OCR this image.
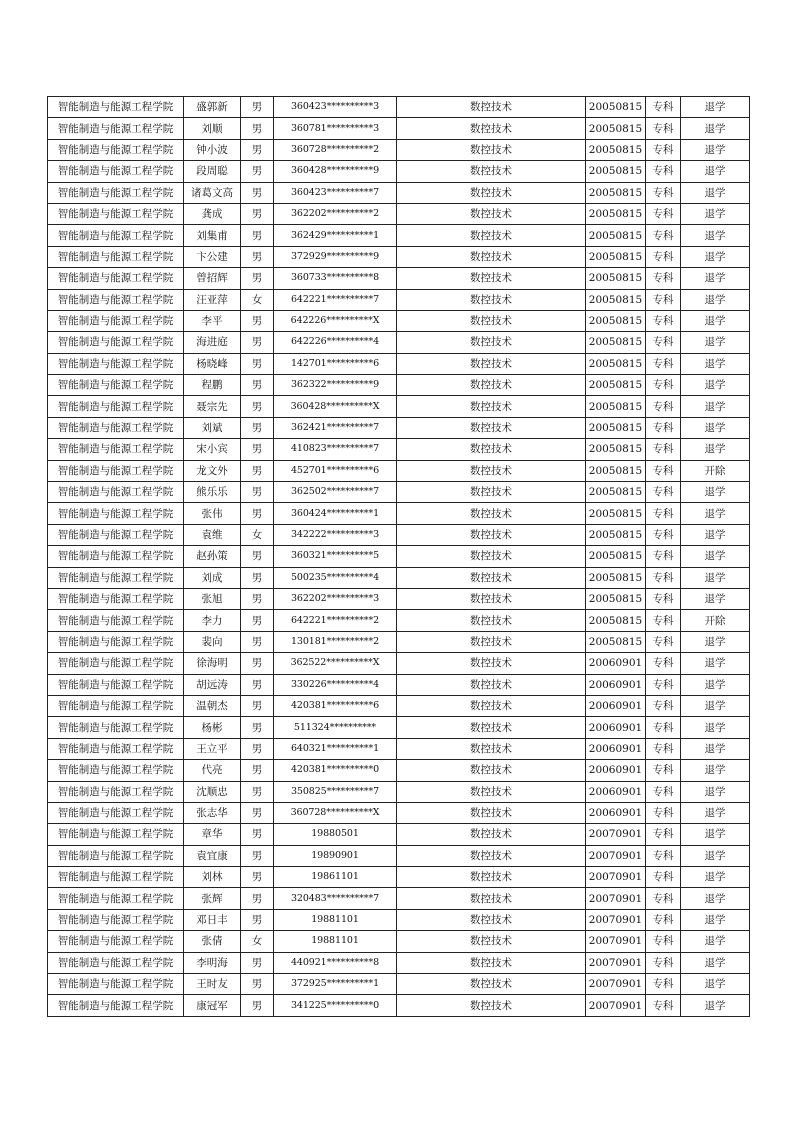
智能制造与能源工程学院	盛郭新	男	360423**********3	数控技术	20050815	专科	退学
智能制造与能源工程学院	刘顺	男	360781**********3	数控技术	20050815	专科	退学
智能制造与能源工程学院	钟小波	男	360728**********2	数控技术	20050815	专科	退学
智能制造与能源工程学院	段周聪	男	360428**********9	数控技术	20050815	专科	退学
智能制造与能源工程学院	诸葛文高	男	360423**********7	数控技术	20050815	专科	退学
智能制造与能源工程学院	龚成	男	362202**********2	数控技术	20050815	专科	退学
智能制造与能源工程学院	刘集甫	男	362429**********1	数控技术	20050815	专科	退学
智能制造与能源工程学院	卞公建	男	372929**********9	数控技术	20050815	专科	退学
智能制造与能源工程学院	曾招辉	男	360733**********8	数控技术	20050815	专科	退学
智能制造与能源工程学院	汪亚萍	女	642221**********7	数控技术	20050815	专科	退学
智能制造与能源工程学院	李平	男	642226**********X	数控技术	20050815	专科	退学
智能制造与能源工程学院	海进庭	男	642226**********4	数控技术	20050815	专科	退学
智能制造与能源工程学院	杨晓峰	男	142701**********6	数控技术	20050815	专科	退学
智能制造与能源工程学院	程鹏	男	362322**********9	数控技术	20050815	专科	退学
智能制造与能源工程学院	聂宗先	男	360428**********X	数控技术	20050815	专科	退学
智能制造与能源工程学院	刘斌	男	362421**********7	数控技术	20050815	专科	退学
智能制造与能源工程学院	宋小宾	男	410823**********7	数控技术	20050815	专科	退学
智能制造与能源工程学院	龙文外	男	452701**********6	数控技术	20050815	专科	开除
智能制造与能源工程学院	熊乐乐	男	362502**********7	数控技术	20050815	专科	退学
智能制造与能源工程学院	张伟	男	360424**********1	数控技术	20050815	专科	退学
智能制造与能源工程学院	袁维	女	342222**********3	数控技术	20050815	专科	退学
智能制造与能源工程学院	赵孙策	男	360321**********5	数控技术	20050815	专科	退学
智能制造与能源工程学院	刘成	男	500235**********4	数控技术	20050815	专科	退学
智能制造与能源工程学院	张旭	男	362202**********3	数控技术	20050815	专科	退学
智能制造与能源工程学院	李力	男	642221**********2	数控技术	20050815	专科	开除
智能制造与能源工程学院	裴向	男	130181**********2	数控技术	20050815	专科	退学
智能制造与能源工程学院	徐海明	男	362522**********X	数控技术	20060901	专科	退学
智能制造与能源工程学院	胡远涛	男	330226**********4	数控技术	20060901	专科	退学
智能制造与能源工程学院	温朝杰	男	420381**********6	数控技术	20060901	专科	退学
智能制造与能源工程学院	杨彬	男	511324**********	数控技术	20060901	专科	退学
智能制造与能源工程学院	王立平	男	640321**********1	数控技术	20060901	专科	退学
智能制造与能源工程学院	代亮	男	420381**********0	数控技术	20060901	专科	退学
智能制造与能源工程学院	沈顺忠	男	350825**********7	数控技术	20060901	专科	退学
智能制造与能源工程学院	张志华	男	360728**********X	数控技术	20060901	专科	退学
智能制造与能源工程学院	章华	男	19880501	数控技术	20070901	专科	退学
智能制造与能源工程学院	袁宜康	男	19890901	数控技术	20070901	专科	退学
智能制造与能源工程学院	刘林	男	19861101	数控技术	20070901	专科	退学
智能制造与能源工程学院	张辉	男	320483**********7	数控技术	20070901	专科	退学
智能制造与能源工程学院	邓日丰	男	19881101	数控技术	20070901	专科	退学
智能制造与能源工程学院	张倩	女	19881101	数控技术	20070901	专科	退学
智能制造与能源工程学院	李明海	男	440921**********8	数控技术	20070901	专科	退学
智能制造与能源工程学院	王时友	男	372925**********1	数控技术	20070901	专科	退学
智能制造与能源工程学院	康冠军	男	341225**********0	数控技术	20070901	专科	退学
